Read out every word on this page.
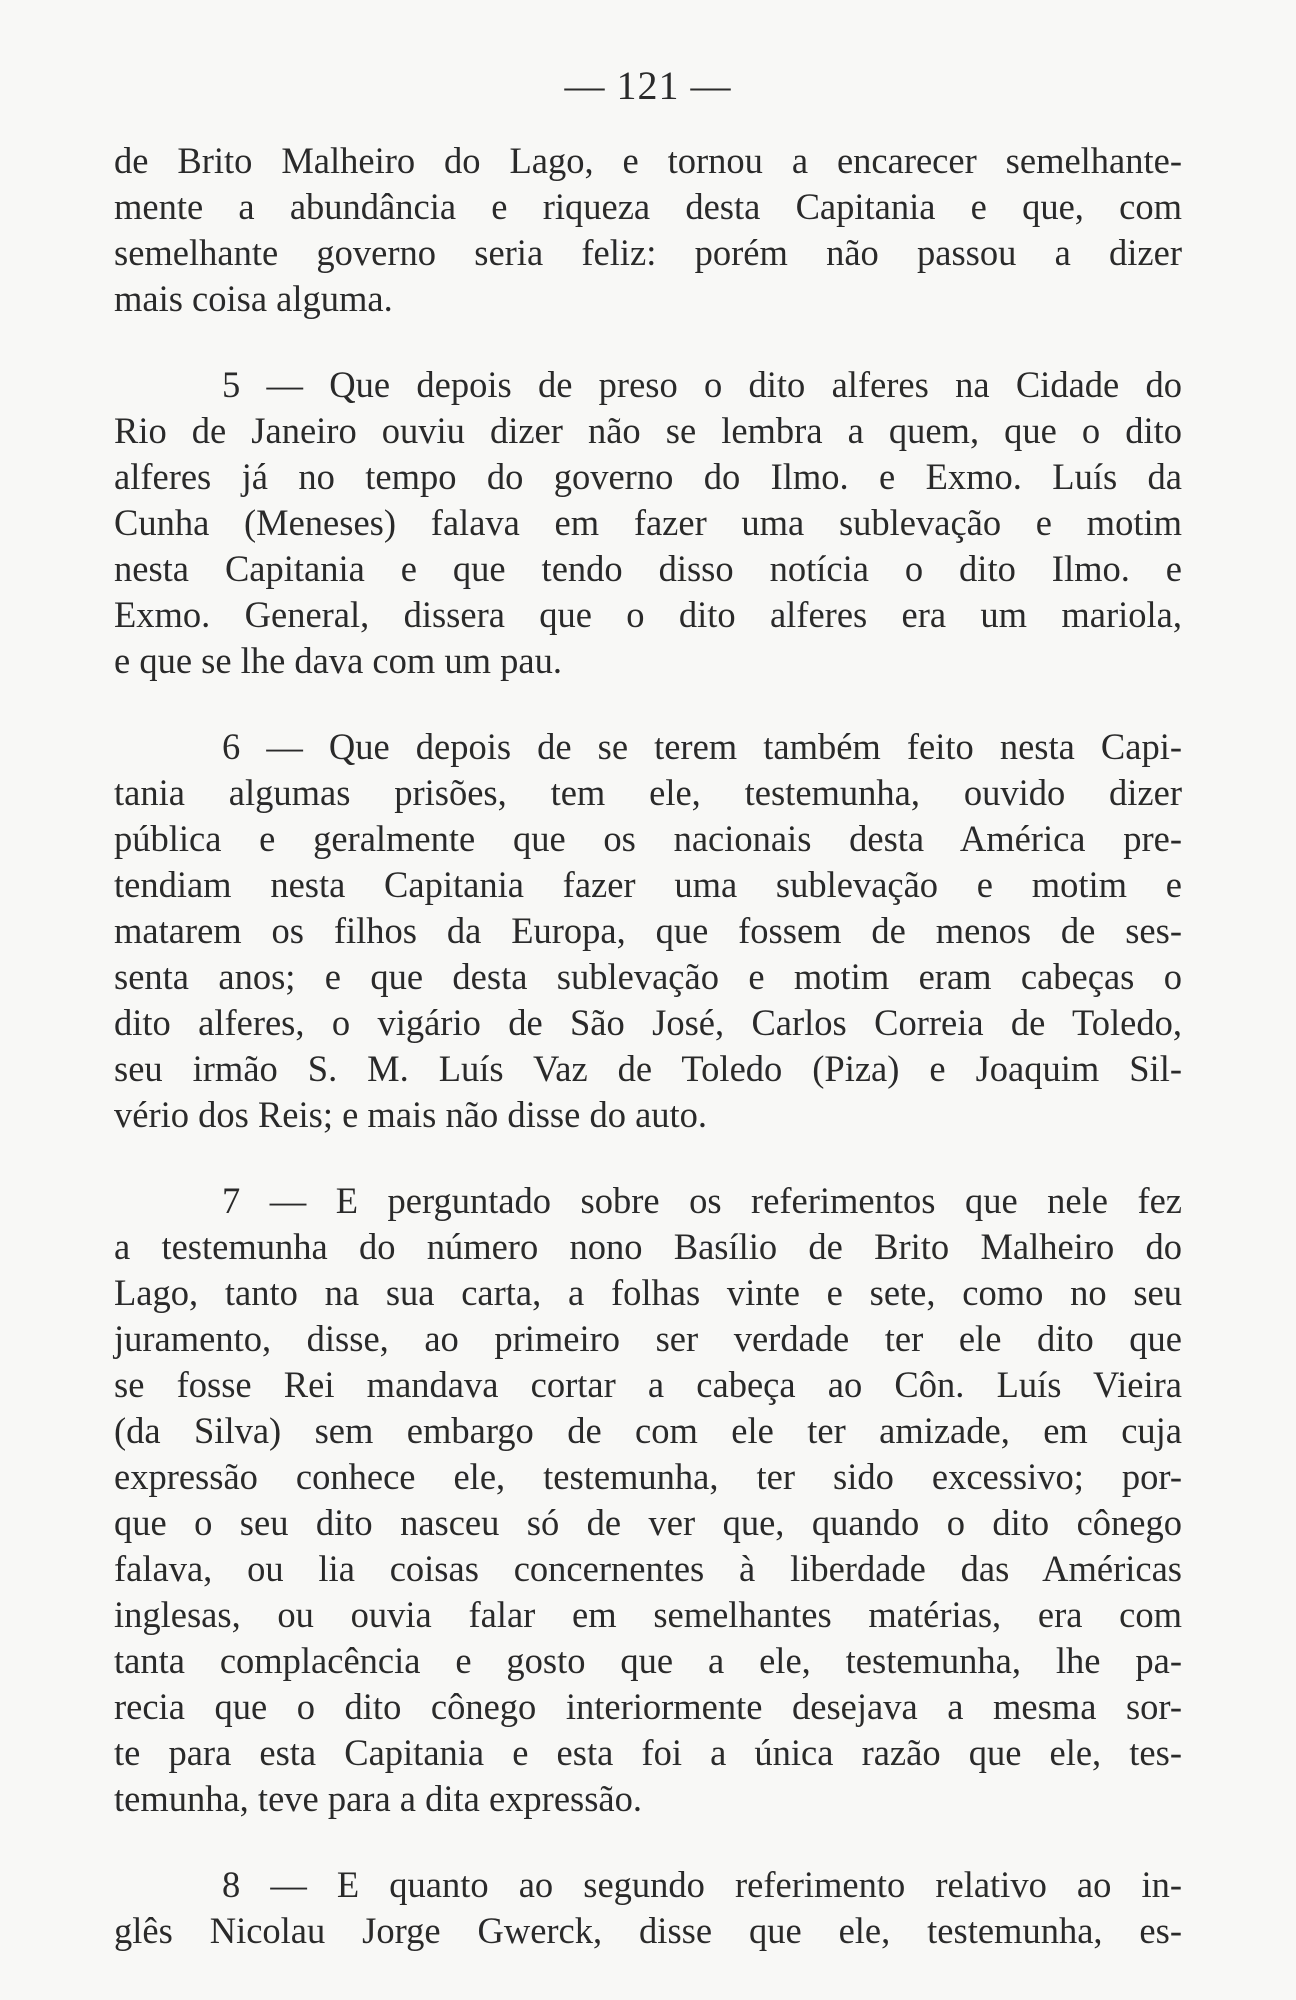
— 121 —
de Brito Malheiro do Lago, e tornou a encarecer semelhante-
mente a abundância e riqueza desta Capitania e que, com
semelhante governo seria feliz: porém não passou a dizer
mais coisa alguma.
5 — Que depois de preso o dito alferes na Cidade do
Rio de Janeiro ouviu dizer não se lembra a quem, que o dito
alferes já no tempo do governo do Ilmo. e Exmo. Luís da
Cunha (Meneses) falava em fazer uma sublevação e motim
nesta Capitania e que tendo disso notícia o dito Ilmo. e
Exmo. General, dissera que o dito alferes era um mariola,
e que se lhe dava com um pau.
6 — Que depois de se terem também feito nesta Capi-
tania algumas prisões, tem ele, testemunha, ouvido dizer
pública e geralmente que os nacionais desta América pre-
tendiam nesta Capitania fazer uma sublevação e motim e
matarem os filhos da Europa, que fossem de menos de ses-
senta anos; e que desta sublevação e motim eram cabeças o
dito alferes, o vigário de São José, Carlos Correia de Toledo,
seu irmão S. M. Luís Vaz de Toledo (Piza) e Joaquim Sil-
vério dos Reis; e mais não disse do auto.
7 — E perguntado sobre os referimentos que nele fez
a testemunha do número nono Basílio de Brito Malheiro do
Lago, tanto na sua carta, a folhas vinte e sete, como no seu
juramento, disse, ao primeiro ser verdade ter ele dito que
se fosse Rei mandava cortar a cabeça ao Côn. Luís Vieira
(da Silva) sem embargo de com ele ter amizade, em cuja
expressão conhece ele, testemunha, ter sido excessivo; por-
que o seu dito nasceu só de ver que, quando o dito cônego
falava, ou lia coisas concernentes à liberdade das Américas
inglesas, ou ouvia falar em semelhantes matérias, era com
tanta complacência e gosto que a ele, testemunha, lhe pa-
recia que o dito cônego interiormente desejava a mesma sor-
te para esta Capitania e esta foi a única razão que ele, tes-
temunha, teve para a dita expressão.
8 — E quanto ao segundo referimento relativo ao in-
glês Nicolau Jorge Gwerck, disse que ele, testemunha, es-
